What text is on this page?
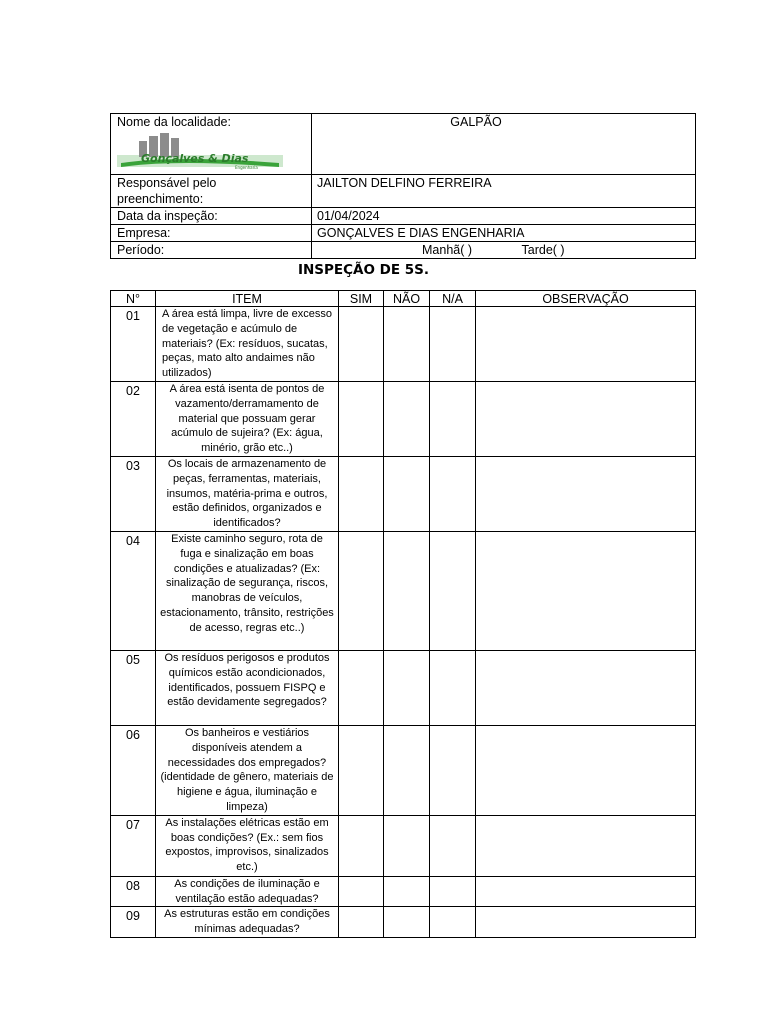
Nome da localidade:
Gonçalves & Dias
Engenharia	GALPÃO
Responsável pelo preenchimento:	JAILTON DELFINO FERREIRA
Data da inspeção:	01/04/2024
Empresa:	GONÇALVES E DIAS ENGENHARIA
Período:	Manhã( ) Tarde( )
INSPEÇÃO DE 5S.
N°	ITEM	SIM	NÃO	N/A	OBSERVAÇÃO
01	A área está limpa, livre de excesso de vegetação e acúmulo de materiais? (Ex: resíduos, sucatas, peças, mato alto andaimes não utilizados)				
02	A área está isenta de pontos de vazamento/derramamento de material que possuam gerar acúmulo de sujeira? (Ex: água, minério, grão etc..)				
03	Os locais de armazenamento de peças, ferramentas, materiais, insumos, matéria-prima e outros, estão definidos, organizados e identificados?				
04	Existe caminho seguro, rota de fuga e sinalização em boas condições e atualizadas? (Ex: sinalização de segurança, riscos, manobras de veículos, estacionamento, trânsito, restrições de acesso, regras etc..)				
05	Os resíduos perigosos e produtos químicos estão acondicionados, identificados, possuem FISPQ e estão devidamente segregados?				
06	Os banheiros e vestiários disponíveis atendem a necessidades dos empregados? (identidade de gênero, materiais de higiene e água, iluminação e limpeza)				
07	As instalações elétricas estão em boas condições? (Ex.: sem fios expostos, improvisos, sinalizados etc.)				
08	As condições de iluminação e ventilação estão adequadas?				
09	As estruturas estão em condições mínimas adequadas?				
